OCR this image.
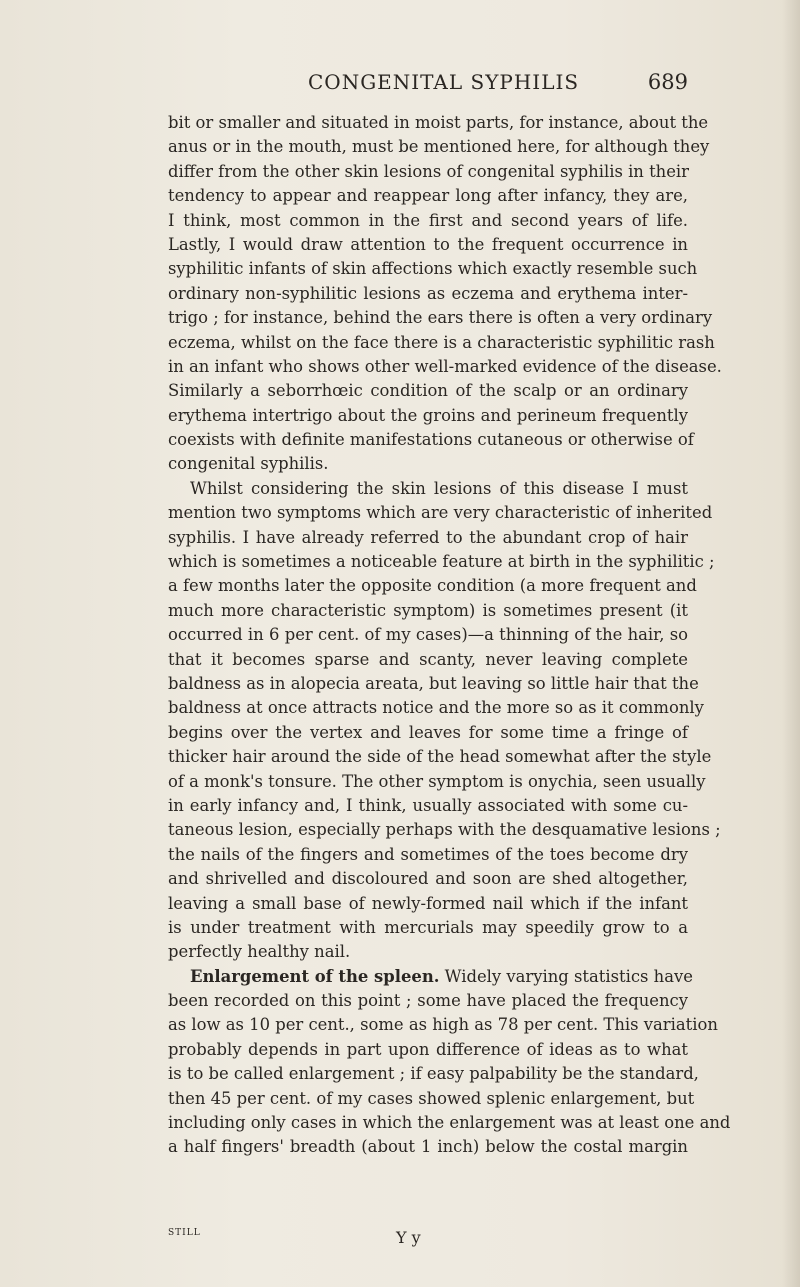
CONGENITAL SYPHILIS	689
bit or smaller and situated in moist parts, for instance, about the
anus or in the mouth, must be mentioned here, for although they
differ from the other skin lesions of congenital syphilis in their
tendency to appear and reappear long after infancy, they are,
I think, most common in the first and second years of life.
Lastly, I would draw attention to the frequent occurrence in
syphilitic infants of skin affections which exactly resemble such
ordinary non-syphilitic lesions as eczema and erythema inter-
trigo ; for instance, behind the ears there is often a very ordinary
eczema, whilst on the face there is a characteristic syphilitic rash
in an infant who shows other well-marked evidence of the disease.
Similarly a seborrhœic condition of the scalp or an ordinary
erythema intertrigo about the groins and perineum frequently
coexists with definite manifestations cutaneous or otherwise of
congenital syphilis.
Whilst considering the skin lesions of this disease I must
mention two symptoms which are very characteristic of inherited
syphilis. I have already referred to the abundant crop of hair
which is sometimes a noticeable feature at birth in the syphilitic ;
a few months later the opposite condition (a more frequent and
much more characteristic symptom) is sometimes present (it
occurred in 6 per cent. of my cases)—a thinning of the hair, so
that it becomes sparse and scanty, never leaving complete
baldness as in alopecia areata, but leaving so little hair that the
baldness at once attracts notice and the more so as it commonly
begins over the vertex and leaves for some time a fringe of
thicker hair around the side of the head somewhat after the style
of a monk's tonsure. The other symptom is onychia, seen usually
in early infancy and, I think, usually associated with some cu-
taneous lesion, especially perhaps with the desquamative lesions ;
the nails of the fingers and sometimes of the toes become dry
and shrivelled and discoloured and soon are shed altogether,
leaving a small base of newly-formed nail which if the infant
is under treatment with mercurials may speedily grow to a
perfectly healthy nail.
Enlargement of the spleen. Widely varying statistics have
been recorded on this point ; some have placed the frequency
as low as 10 per cent., some as high as 78 per cent. This variation
probably depends in part upon difference of ideas as to what
is to be called enlargement ; if easy palpability be the standard,
then 45 per cent. of my cases showed splenic enlargement, but
including only cases in which the enlargement was at least one and
a half fingers' breadth (about 1 inch) below the costal margin
STILL	Y y
